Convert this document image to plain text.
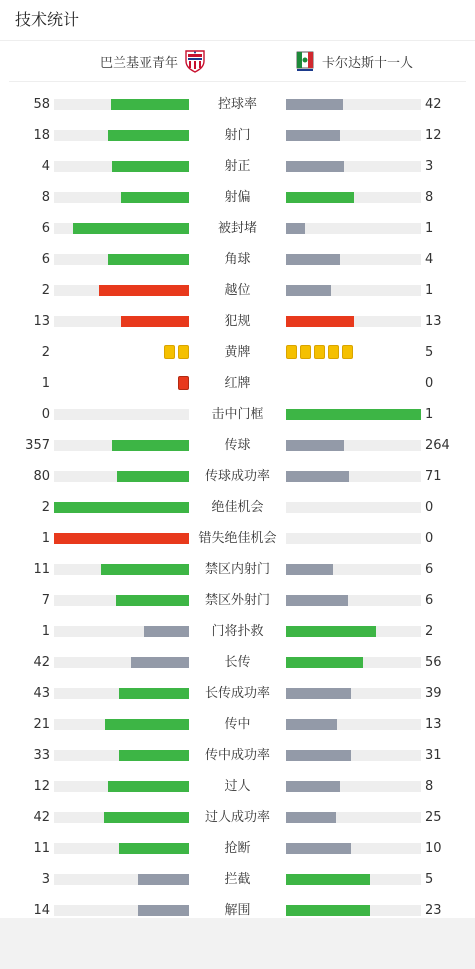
技术统计
巴兰基亚青年	卡尔达斯十一人
58	控球率	42
18	射门	12
4	射正	3
8	射偏	8
6	被封堵	1
6	角球	4
2	越位	1
13	犯规	13
2	黄牌	5
1	红牌	0
0	击中门框	1
357	传球	264
80	传球成功率	71
2	绝佳机会	0
1	错失绝佳机会	0
11	禁区内射门	6
7	禁区外射门	6
1	门将扑救	2
42	长传	56
43	长传成功率	39
21	传中	13
33	传中成功率	31
12	过人	8
42	过人成功率	25
11	抢断	10
3	拦截	5
14	解围	23
